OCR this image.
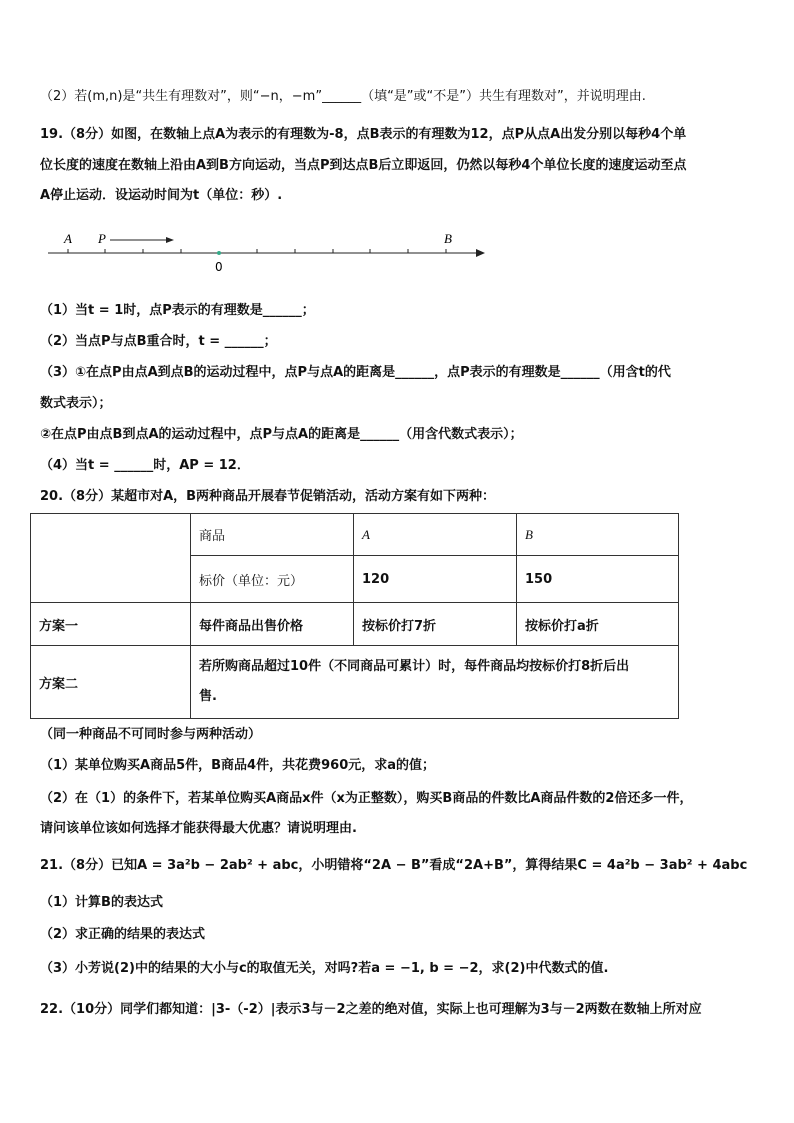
（2）若(m,n)是“共生有理数对”，则“−n，−m”______（填“是”或“不是”）共生有理数对”，并说明理由.
19.（8分）如图，在数轴上点A为表示的有理数为-8，点B表示的有理数为12，点P从点A出发分别以每秒4个单
位长度的速度在数轴上沿由A到B方向运动，当点P到达点B后立即返回，仍然以每秒4个单位长度的速度运动至点
A停止运动．设运动时间为t（单位：秒）.
A P	B
0
（1）当t = 1时，点P表示的有理数是______；
（2）当点P与点B重合时，t = ______；
（3）①在点P由点A到点B的运动过程中，点P与点A的距离是______，点P表示的有理数是______（用含t的代
数式表示）；
②在点P由点B到点A的运动过程中，点P与点A的距离是______（用含代数式表示）；
（4）当t = ______时，AP = 12．
20.（8分）某超市对A，B两种商品开展春节促销活动，活动方案有如下两种：
	商品	A	B
	标价（单位：元）	120	150
方案一	每件商品出售价格	按标价打7折	按标价打a折
方案二	若所购商品超过10件（不同商品可累计）时，每件商品均按标价打8折后出
售.		
（同一种商品不可同时参与两种活动）
（1）某单位购买A商品5件，B商品4件，共花费960元，求a的值；
（2）在（1）的条件下，若某单位购买A商品x件（x为正整数），购买B商品的件数比A商品件数的2倍还多一件，
请问该单位该如何选择才能获得最大优惠？请说明理由.
21.（8分）已知A = 3a²b − 2ab² + abc，小明错将“2A − B”看成“2A+B”，算得结果C = 4a²b − 3ab² + 4abc
（1）计算B的表达式
（2）求正确的结果的表达式
（3）小芳说(2)中的结果的大小与c的取值无关，对吗?若a = −1, b = −2，求(2)中代数式的值.
22.（10分）同学们都知道：|3-（-2）|表示3与－2之差的绝对值，实际上也可理解为3与－2两数在数轴上所对应
